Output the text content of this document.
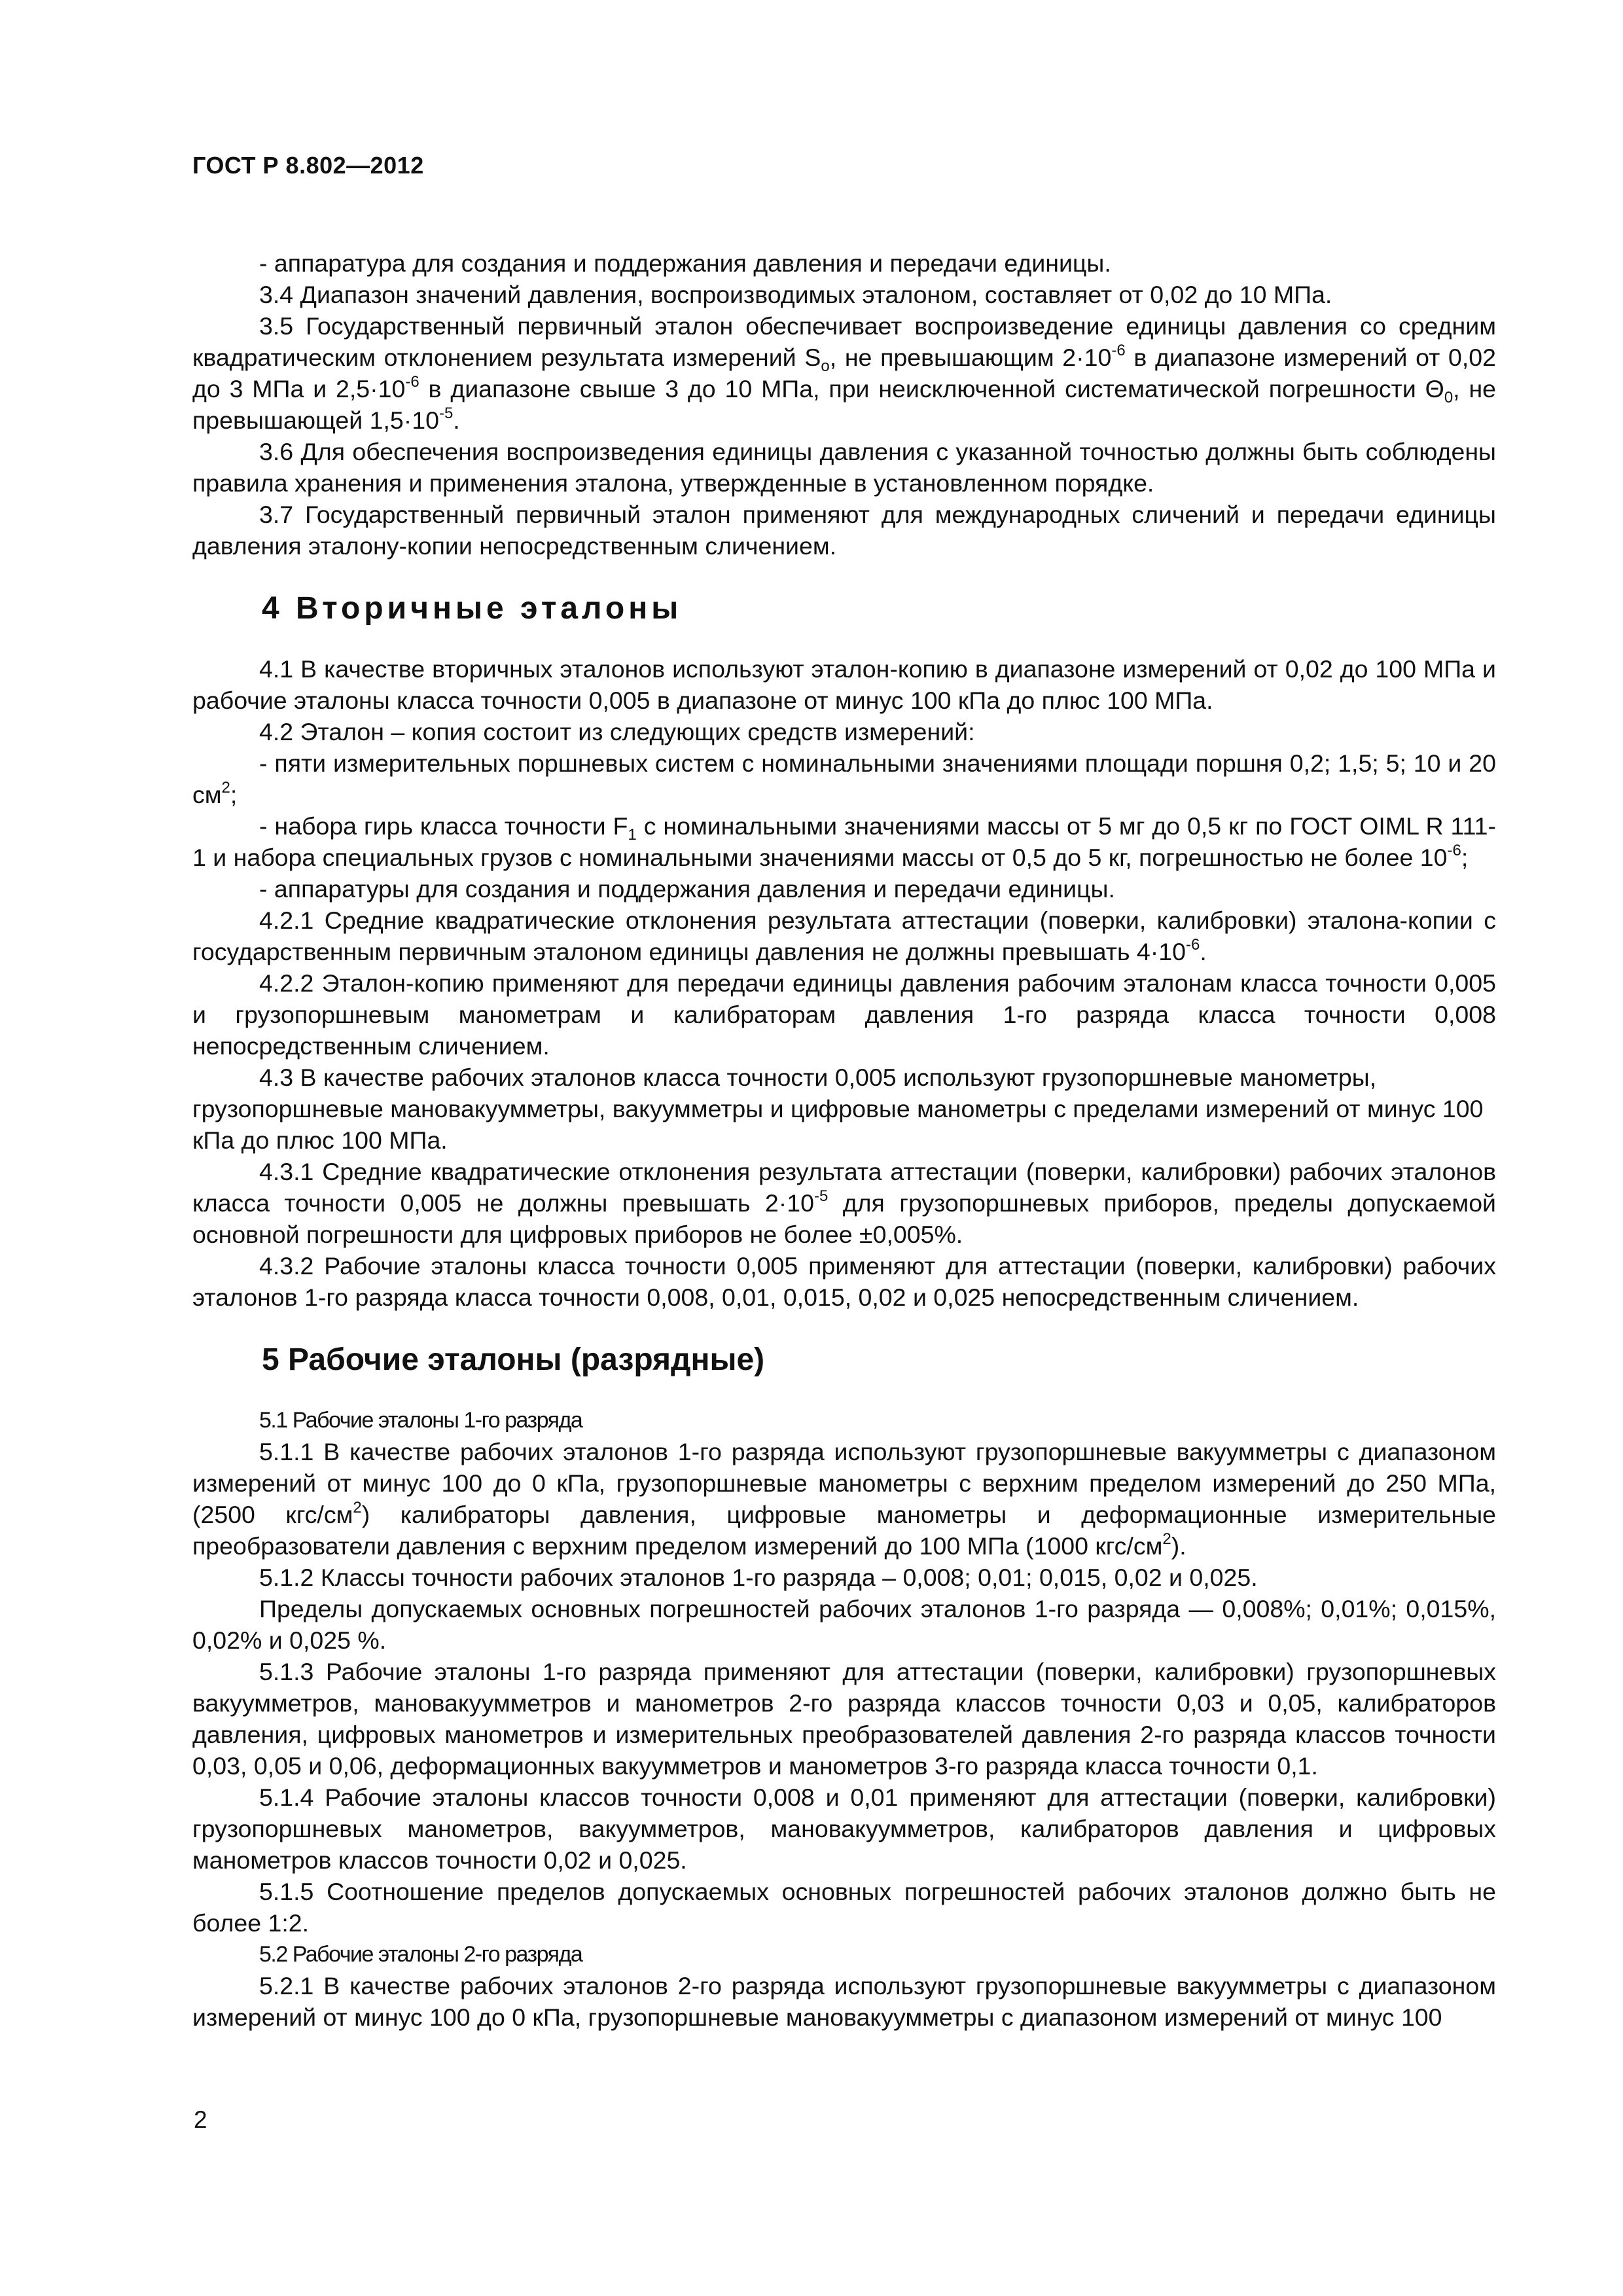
ГОСТ Р 8.802—2012

- аппаратура для создания и поддержания давления и передачи единицы.

3.4 Диапазон значений давления, воспроизводимых эталоном, составляет от 0,02 до 10 МПа.

3.5 Государственный первичный эталон обеспечивает воспроизведение единицы давления со средним квадратическим отклонением результата измерений $S_о$, не превышающим $2\cdot 10^{-6}$ в диапазоне измерений от 0,02 до 3 МПа и $2,5\cdot 10^{-6}$ в диапазоне свыше 3 до 10 МПа, при неисключенной систематической погрешности $\Theta_0$, не превышающей $1,5\cdot 10^{-5}$.

3.6 Для обеспечения воспроизведения единицы давления с указанной точностью должны быть соблюдены правила хранения и применения эталона, утвержденные в установленном порядке.

3.7 Государственный первичный эталон применяют для международных сличений и передачи единицы давления эталону-копии непосредственным сличением.

4 Вторичные эталоны

4.1 В качестве вторичных эталонов используют эталон-копию в диапазоне измерений от 0,02 до 100 МПа и рабочие эталоны класса точности 0,005 в диапазоне от минус 100 кПа до плюс 100 МПа.

4.2 Эталон – копия состоит из следующих средств измерений:

- пяти измерительных поршневых систем с номинальными значениями площади поршня 0,2; 1,5; 5; 10 и 20 $см^2$;

- набора гирь класса точности $F_1$ с номинальными значениями массы от 5 мг до 0,5 кг по ГОСТ OIML R 111-1 и набора специальных грузов с номинальными значениями массы от 0,5 до 5 кг, погрешностью не более $10^{-6}$;

- аппаратуры для создания и поддержания давления и передачи единицы.

4.2.1 Средние квадратические отклонения результата аттестации (поверки, калибровки) эталона-копии с государственным первичным эталоном единицы давления не должны превышать $4\cdot 10^{-6}$.

4.2.2 Эталон-копию применяют для передачи единицы давления рабочим эталонам класса точности 0,005 и грузопоршневым манометрам и калибраторам давления 1-го разряда класса точности 0,008 непосредственным сличением.

4.3 В качестве рабочих эталонов класса точности 0,005 используют грузопоршневые манометры, грузопоршневые мановакуумметры, вакуумметры и цифровые манометры с пределами измерений от минус 100 кПа до плюс 100 МПа.

4.3.1 Средние квадратические отклонения результата аттестации (поверки, калибровки) рабочих эталонов класса точности 0,005 не должны превышать $2\cdot 10^{-5}$ для грузопоршневых приборов, пределы допускаемой основной погрешности для цифровых приборов не более ±0,005%.

4.3.2 Рабочие эталоны класса точности 0,005 применяют для аттестации (поверки, калибровки) рабочих эталонов 1-го разряда класса точности 0,008, 0,01, 0,015, 0,02 и 0,025 непосредственным сличением.

5 Рабочие эталоны (разрядные)

5.1 Рабочие эталоны 1-го разряда

5.1.1 В качестве рабочих эталонов 1-го разряда используют грузопоршневые вакуумметры с диапазоном измерений от минус 100 до 0 кПа, грузопоршневые манометры с верхним пределом измерений до 250 МПа, (2500 кгс/$см^2$) калибраторы давления, цифровые манометры и деформационные измерительные преобразователи давления с верхним пределом измерений до 100 МПа (1000 кгс/$см^2$).

5.1.2 Классы точности рабочих эталонов 1-го разряда – 0,008; 0,01; 0,015, 0,02 и 0,025.

Пределы допускаемых основных погрешностей рабочих эталонов 1-го разряда — 0,008%; 0,01%; 0,015%, 0,02% и 0,025 %.

5.1.3 Рабочие эталоны 1-го разряда применяют для аттестации (поверки, калибровки) грузопоршневых вакуумметров, мановакуумметров и манометров 2-го разряда классов точности 0,03 и 0,05, калибраторов давления, цифровых манометров и измерительных преобразователей давления 2-го разряда классов точности 0,03, 0,05 и 0,06, деформационных вакуумметров и манометров 3-го разряда класса точности 0,1.

5.1.4 Рабочие эталоны классов точности 0,008 и 0,01 применяют для аттестации (поверки, калибровки) грузопоршневых манометров, вакуумметров, мановакуумметров, калибраторов давления и цифровых манометров классов точности 0,02 и 0,025.

5.1.5 Соотношение пределов допускаемых основных погрешностей рабочих эталонов должно быть не более 1:2.

5.2 Рабочие эталоны 2-го разряда

5.2.1 В качестве рабочих эталонов 2-го разряда используют грузопоршневые вакуумметры с диапазоном измерений от минус 100 до 0 кПа, грузопоршневые мановакуумметры с диапазоном измерений от минус 100

2
